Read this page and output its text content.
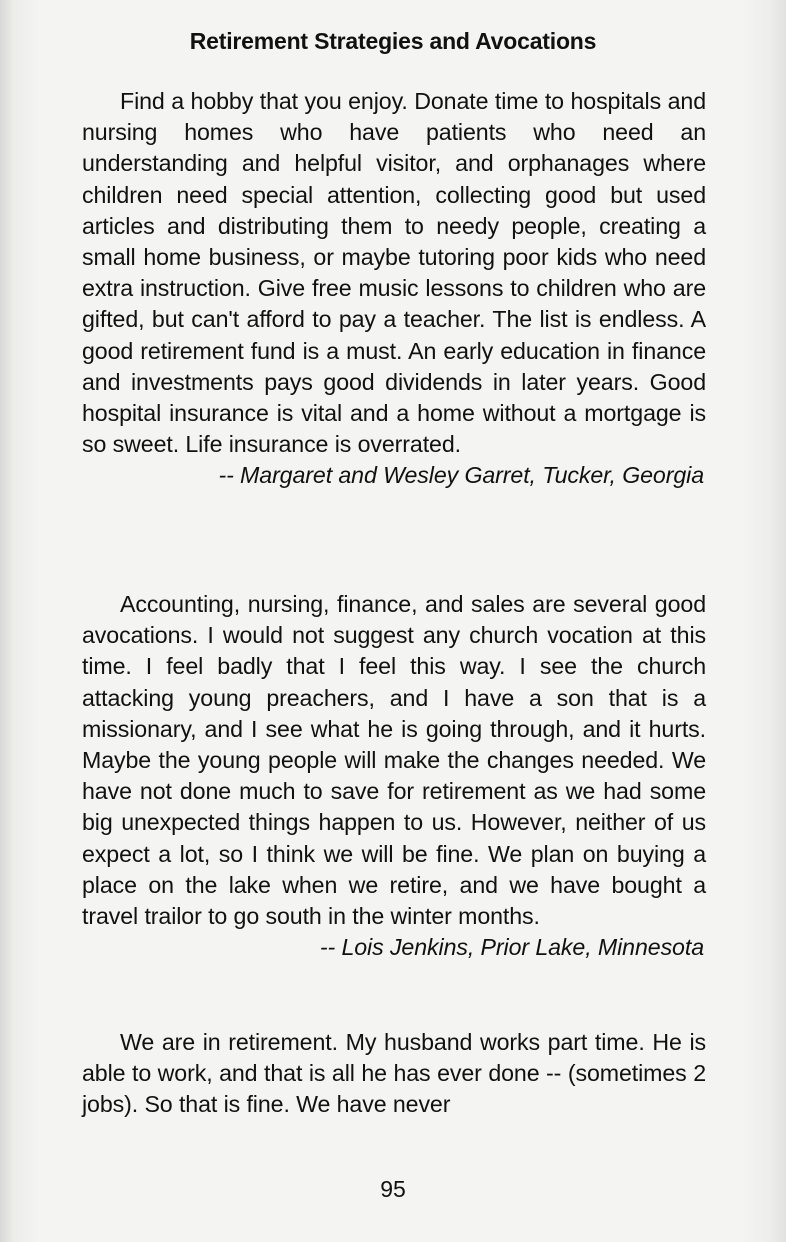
Retirement Strategies and Avocations

Find a hobby that you enjoy. Donate time to hospitals and nursing homes who have patients who need an understanding and helpful visitor, and orphanages where children need special attention, collecting good but used articles and distributing them to needy people, creating a small home business, or maybe tutoring poor kids who need extra instruction. Give free music lessons to children who are gifted, but can't afford to pay a teacher. The list is endless. A good retirement fund is a must. An early education in finance and investments pays good dividends in later years. Good hospital insurance is vital and a home without a mortgage is so sweet. Life insurance is overrated.

-- Margaret and Wesley Garret, Tucker, Georgia

Accounting, nursing, finance, and sales are several good avocations. I would not suggest any church vocation at this time. I feel badly that I feel this way. I see the church attacking young preachers, and I have a son that is a missionary, and I see what he is going through, and it hurts. Maybe the young people will make the changes needed. We have not done much to save for retirement as we had some big unexpected things happen to us. However, neither of us expect a lot, so I think we will be fine. We plan on buying a place on the lake when we retire, and we have bought a travel trailor to go south in the winter months.

-- Lois Jenkins, Prior Lake, Minnesota

We are in retirement. My husband works part time. He is able to work, and that is all he has ever done -- (sometimes 2 jobs). So that is fine. We have never

95
